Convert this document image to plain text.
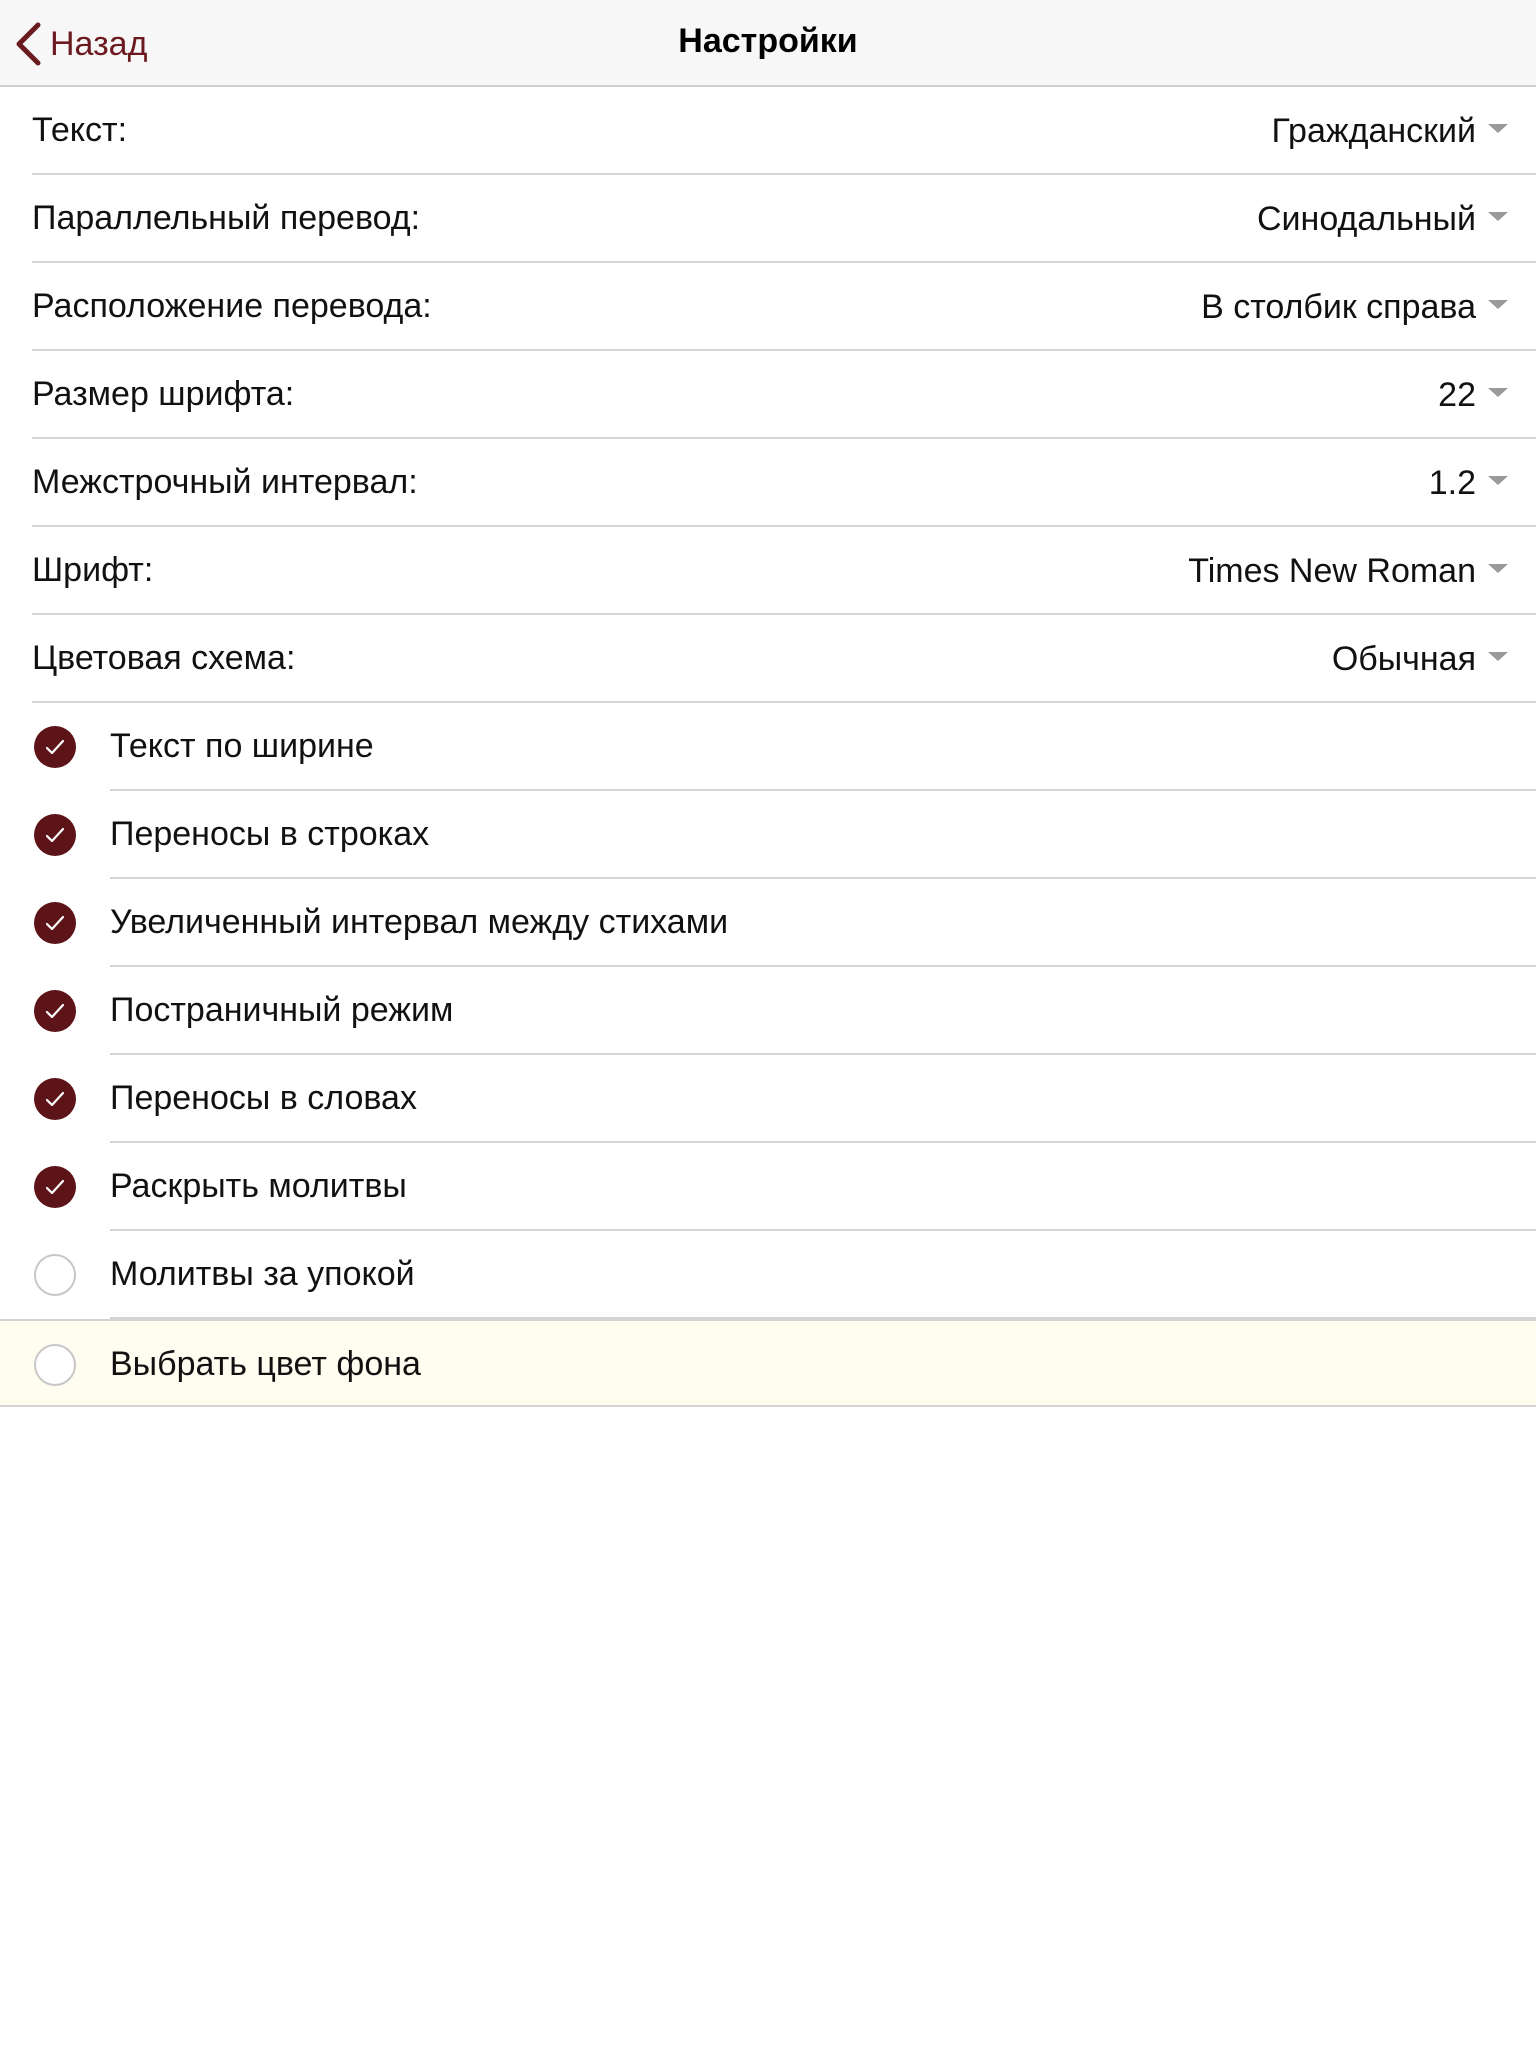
Назад	Настройки
Текст:	Гражданский
Параллельный перевод:	Синодальный
Расположение перевода:	В столбик справа
Размер шрифта:	22
Межстрочный интервал:	1.2
Шрифт:	Times New Roman
Цветовая схема:	Обычная
Текст по ширине
Переносы в строках
Увеличенный интервал между стихами
Постраничный режим
Переносы в словах
Раскрыть молитвы
Молитвы за упокой
Выбрать цвет фона
